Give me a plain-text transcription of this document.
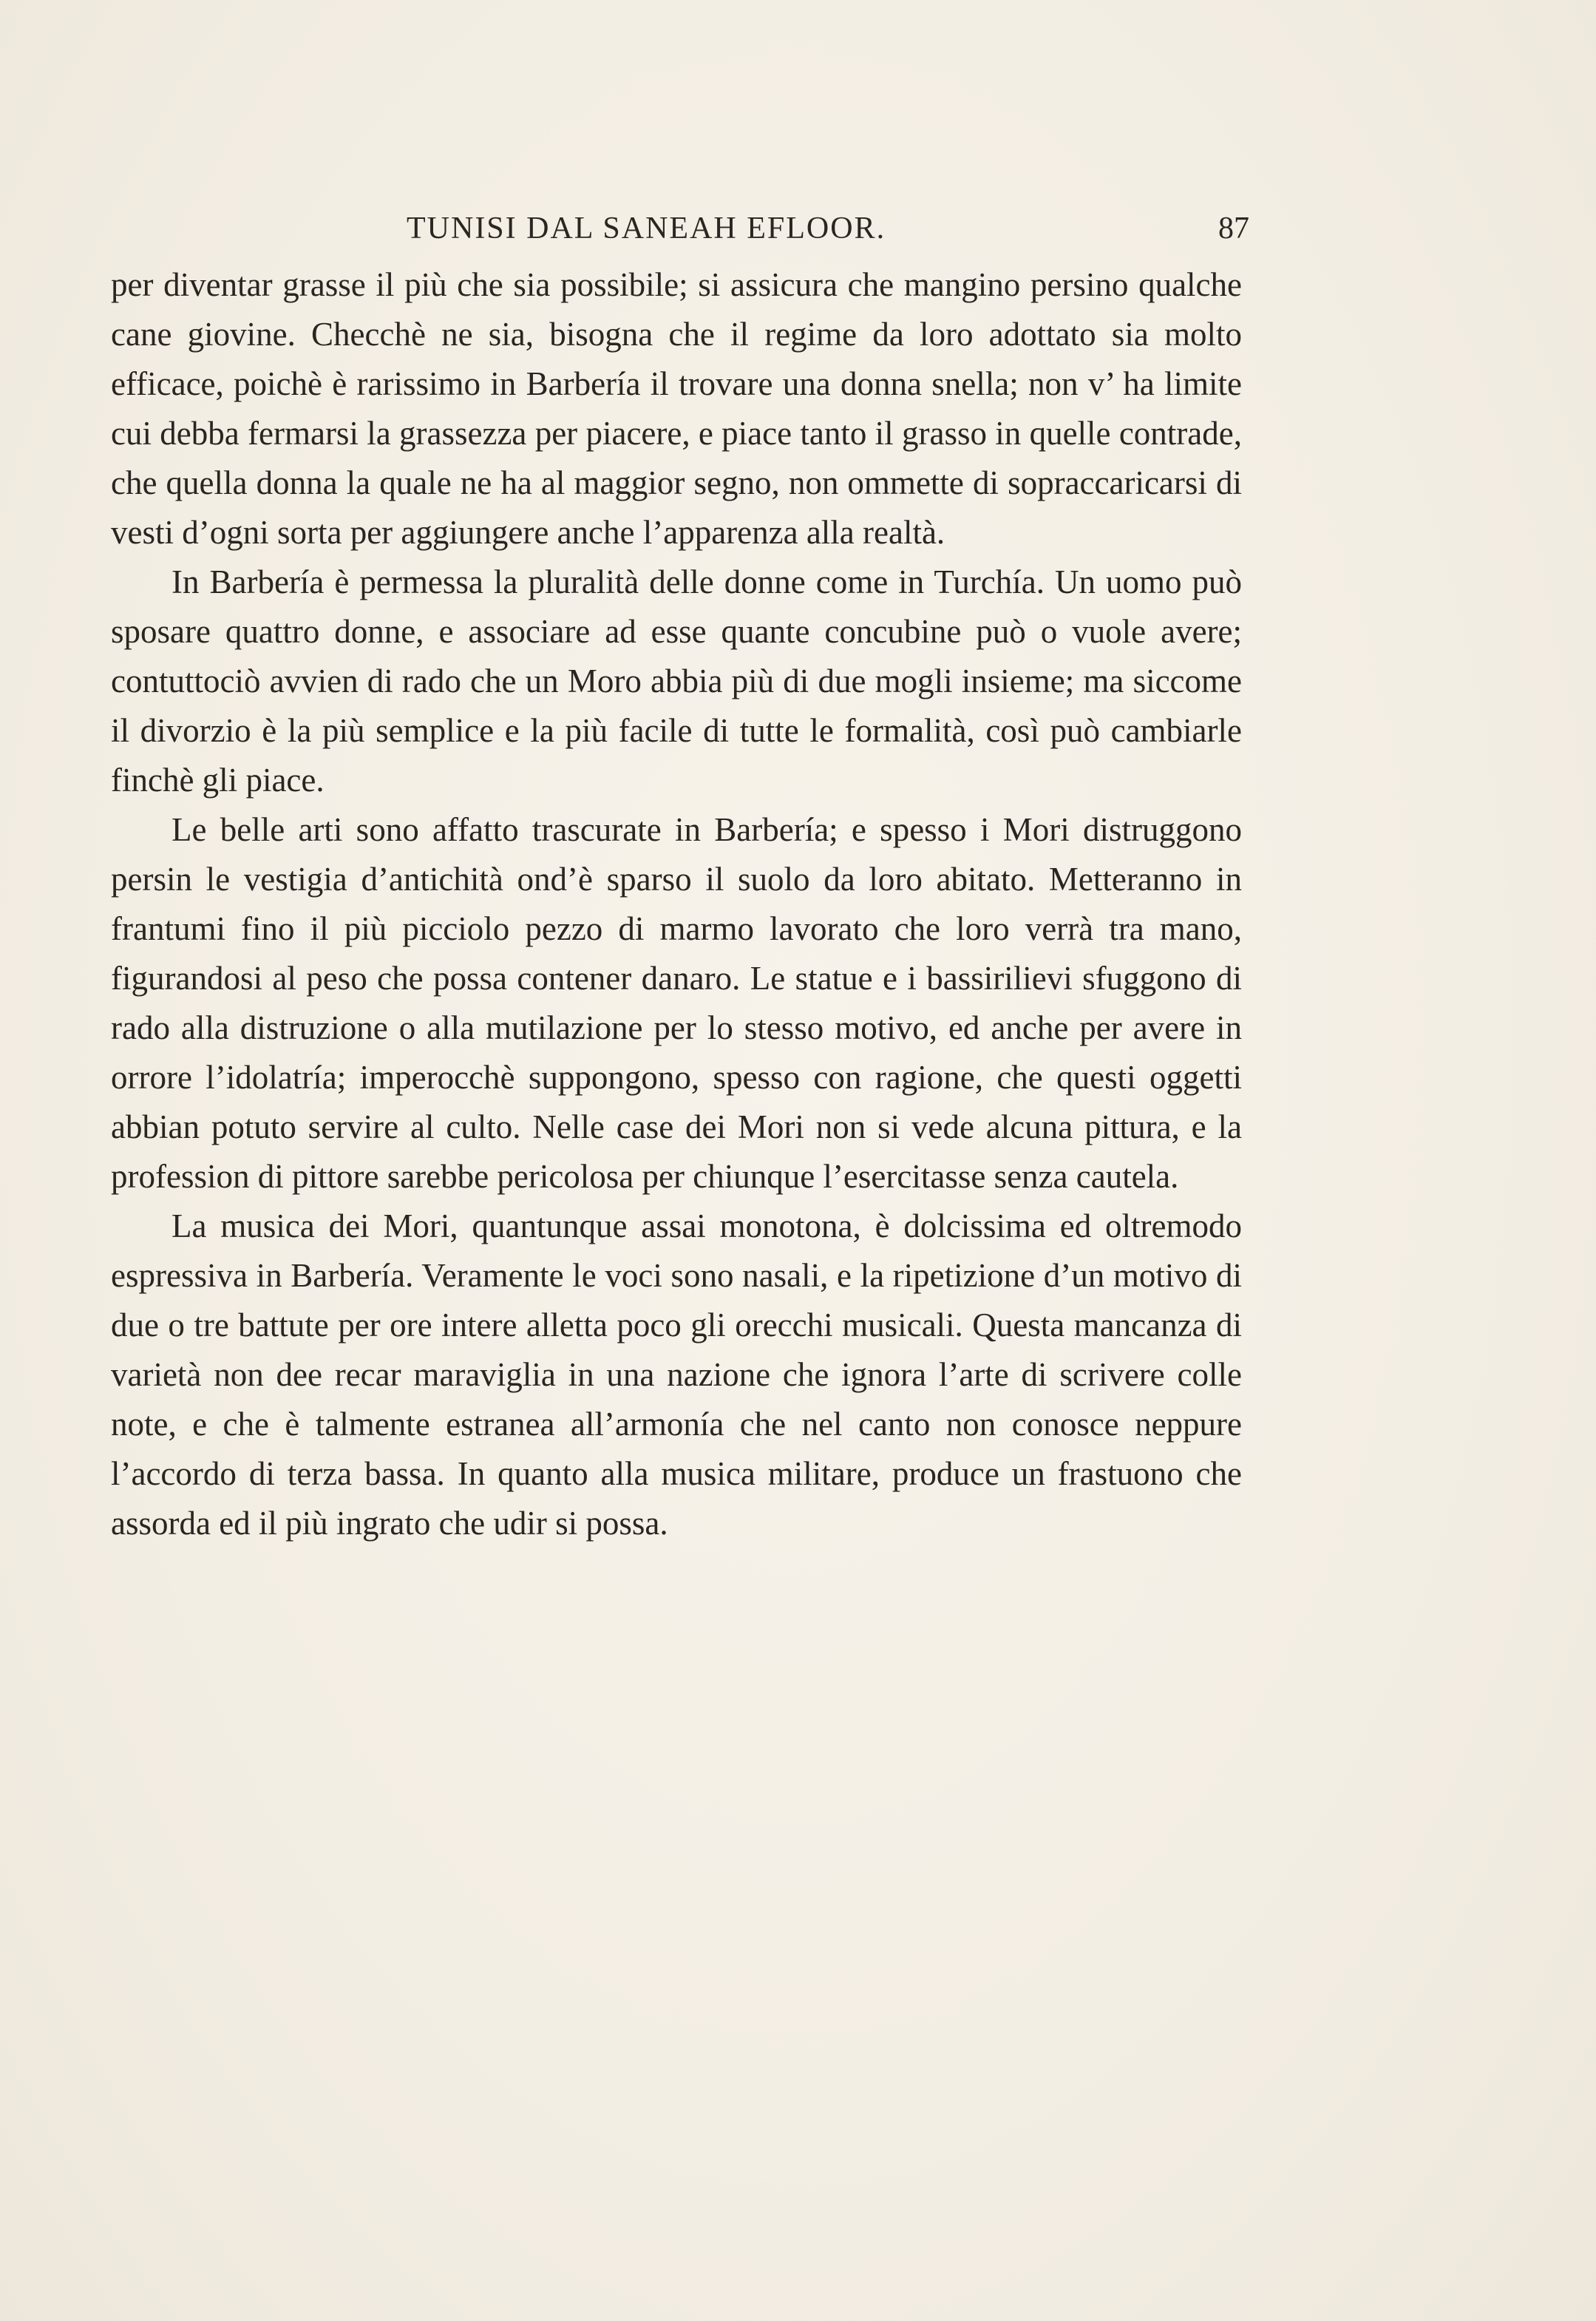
TUNISI DAL SANEAH EFLOOR.	87

per diventar grasse il più che sia possibile; si assicura che mangino persino qualche cane giovine. Checchè ne sia, bisogna che il regime da loro adottato sia molto efficace, poichè è rarissimo in Barbería il trovare una donna snella; non v’ ha limite cui debba fermarsi la grassezza per piacere, e piace tanto il grasso in quelle contrade, che quella donna la quale ne ha al maggior segno, non ommette di sopraccaricarsi di vesti d’ogni sorta per aggiungere anche l’apparenza alla realtà.

In Barbería è permessa la pluralità delle donne come in Turchía. Un uomo può sposare quattro donne, e associare ad esse quante concubine può o vuole avere; contuttociò avvien di rado che un Moro abbia più di due mogli insieme; ma siccome il divorzio è la più semplice e la più facile di tutte le formalità, così può cambiarle finchè gli piace.

Le belle arti sono affatto trascurate in Barbería; e spesso i Mori distruggono persin le vestigia d’antichità ond’è sparso il suolo da loro abitato. Metteranno in frantumi fino il più picciolo pezzo di marmo lavorato che loro verrà tra mano, figurandosi al peso che possa contener danaro. Le statue e i bassirilievi sfuggono di rado alla distruzione o alla mutilazione per lo stesso motivo, ed anche per avere in orrore l’idolatría; imperocchè suppongono, spesso con ragione, che questi oggetti abbian potuto servire al culto. Nelle case dei Mori non si vede alcuna pittura, e la profession di pittore sarebbe pericolosa per chiunque l’esercitasse senza cautela.

La musica dei Mori, quantunque assai monotona, è dolcissima ed oltremodo espressiva in Barbería. Veramente le voci sono nasali, e la ripetizione d’un motivo di due o tre battute per ore intere alletta poco gli orecchi musicali. Questa mancanza di varietà non dee recar maraviglia in una nazione che ignora l’arte di scrivere colle note, e che è talmente estranea all’armonía che nel canto non conosce neppure l’accordo di terza bassa. In quanto alla musica militare, produce un frastuono che assorda ed il più ingrato che udir si possa.
